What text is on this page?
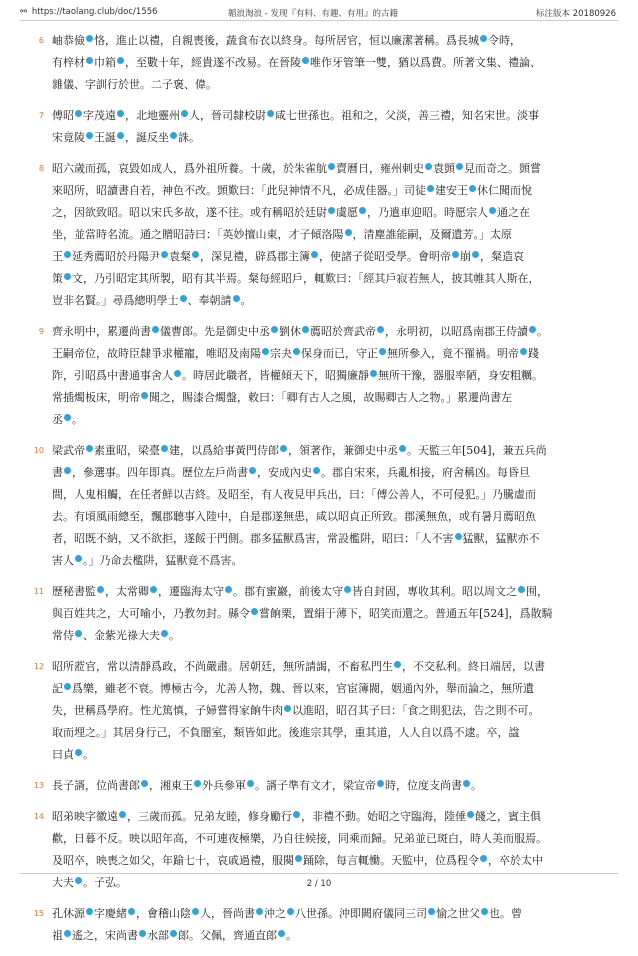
⚯ https://taolang.club/doc/1556	韜浪淘浪 - 发现『有料、有趣、有用』的古籍	标注版本 20180926
6 岫恭儉 恪，進止以禮，自親喪後，蔬食布衣以終身。每所居官，恒以廉潔著稱。爲長城 令時，
有梓材 巾箱 ，至數十年，經貴遂不改易。在晉陵 唯作牙管筆一雙，猶以爲費。所著文集、禮論、
雜儀、字訓行於世。二子褒、偉。
7 傅昭 字茂遠 ，北地靈州 人，晉司隸校尉 咸七世孫也。祖和之，父淡，善三禮，知名宋世。淡事
宋竟陵 王誕 ，誕反坐 誅。
8 昭六歲而孤，哀毀如成人，爲外祖所養。十歲，於朱雀航 賣曆日，雍州刺史 袁顗 見而奇之。顗嘗
來昭所，昭讀書自若，神色不改。顗歎曰：「此兒神情不凡，必成佳器。」司徒 建安王 休仁聞而悅
之，因欲致昭。昭以宋氏多故，遂不往。或有稱昭於廷尉 虞愿 ，乃遣車迎昭。時愿宗人 通之在
坐，並當時名流。通之贈昭詩曰：「英妙擅山東，才子傾洛陽 ，清塵誰能嗣，及爾遺芳。」太原
王 延秀薦昭於丹陽尹 袁粲 ，深見禮，辟爲郡主簿 ，使諸子從昭受學。會明帝 崩 ，粲造哀
策 文，乃引昭定其所製，昭有其半焉。粲每經昭戶，輒歎曰：「經其戶寂若無人，披其帷其人斯在，
豈非名賢。」尋爲總明學士 、奉朝請 。
9 齊永明中，累遷尚書 儀曹郎。先是御史中丞 劉休 薦昭於齊武帝 ，永明初，以昭爲南郡王侍讀 。
王嗣帝位，故時臣隸爭求權寵，唯昭及南陽 宗夬 保身而已，守正 無所參入，竟不罹禍。明帝 踐
阼，引昭爲中書通事舍人 。時居此職者，皆權傾天下，昭獨廉靜 無所干豫，器服率陋，身安粗糲。
常插燭板床，明帝 聞之，賜漆合燭盤，敕曰：「卿有古人之風，故賜卿古人之物。」累遷尚書左
丞 。
10 梁武帝 素重昭，梁臺 建，以爲給事黃門侍郎 ，領著作，兼御史中丞 。天監三年[504]，兼五兵尚
書 ，參選事。四年即真。歷位左戶尚書 ，安成內史 。郡自宋來，兵亂相接，府舍稱凶。每昏旦
間，人鬼相觸，在任者鮮以吉終。及昭至，有人夜見甲兵出，曰：「傅公善人，不可侵犯。」乃騰虛而
去。有頃風雨總至，飄郡聽事入陸中，自是郡遂無患，咸以昭貞正所致。郡溪無魚，或有暑月薦昭魚
者，昭既不納，又不欲拒，遂餒于門側。郡多猛獸爲害，常設檻阱，昭曰：「人不害 猛獸，猛獸亦不
害人 。」乃命去檻阱，猛獸竟不爲害。
11 歷秘書監 ，太常卿 ，遷臨海太守 。郡有蜜巖，前後太守 皆自封固，專收其利。昭以周文之 囿，
與百姓共之，大可喻小，乃教勿封。縣令 嘗餉栗，置絹于薄下，昭笑而還之。普通五年[524]，爲散騎
常侍 、金紫光祿大夫 。
12 昭所蒞官，常以清靜爲政，不尚嚴肅。居朝廷，無所請謁，不畜私門生 ，不交私利。終日端居，以書
記 爲樂，雖老不衰。博極古今，尤善人物，魏、晉以來，官宦簿閥，姻通內外，舉而論之，無所遺
失，世稱爲學府。性尤篤慎，子婦嘗得家餉牛肉 以進昭，昭召其子曰：「食之則犯法，告之則不可。
取而埋之。」其居身行己，不負闇室，類皆如此。後進宗其學，重其道，人人自以爲不逮。卒，諡
曰貞 。
13 長子諝，位尚書郎 ，湘東王 外兵參軍 。諝子準有文才，梁宣帝 時，位度支尚書 。
14 昭弟映字徽遠 ，三歲而孤。兄弟友睦，修身勵行 ，非禮不動。始昭之守臨海，陸倕 餞之，賓主俱
歡，日暮不反。映以昭年高，不可連夜極樂，乃自往候接，同乘而歸。兄弟並已斑白，時人美而服焉。
及昭卒，映喪之如父，年踰七十，哀戚過禮，服闋 踊除，每言輒慟。天監中，位爲程令 ，卒於太中
大夫 。子弘。
15 孔休源 字慶緒 ，會稽山陰 人，晉尚書 沖之 八世孫。沖即闕府儀同三司 愉之世父 也。曾
祖 遙之，宋尚書 水部 郎。父佩，齊通直郎 。
2 / 10
